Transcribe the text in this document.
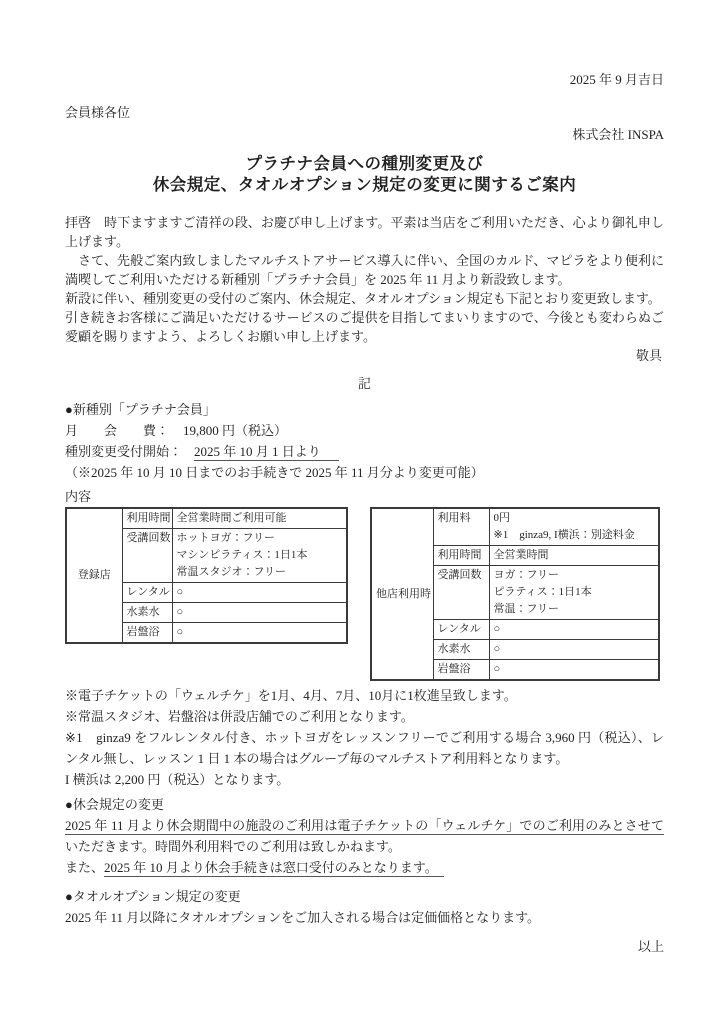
2025 年 9 月吉日
会員様各位
株式会社 INSPA
プラチナ会員への種別変更及び
休会規定、タオルオプション規定の変更に関するご案内

拝啓　時下ますますご清祥の段、お慶び申し上げます。平素は当店をご利用いただき、心より御礼申し上げます。

　さて、先般ご案内致しましたマルチストアサービス導入に伴い、全国のカルド、マピラをより便利に満喫してご利用いただける新種別「プラチナ会員」を 2025 年 11 月より新設致します。

新設に伴い、種別変更の受付のご案内、休会規定、タオルオプション規定も下記とおり変更致します。

引き続きお客様にご満足いただけるサービスのご提供を目指してまいりますので、今後とも変わらぬご愛顧を賜りますよう、よろしくお願い申し上げます。

敬具
記
●新種別「プラチナ会員」
月　　会　　費： 19,800 円（税込）
種別変更受付開始： 2025 年 10 月 1 日より
（※2025 年 10 月 10 日までのお手続きで 2025 年 11 月分より変更可能）
内容
登録店	利用時間	全営業時間ご利用可能
	受講回数	ホットヨガ：フリー
マシンピラティス：1日1本
常温スタジオ：フリー

	レンタル	○
	水素水	○
	岩盤浴	○
他店利用時	利用料	0円
※1　ginza9, I横浜：別途料金

	利用時間	全営業時間
	受講回数	ヨガ：フリー
ピラティス：1日1本
常温：フリー

	レンタル	○
	水素水	○
	岩盤浴	○

※電子チケットの「ウェルチケ」を1月、4月、7月、10月に1枚進呈致します。

※常温スタジオ、岩盤浴は併設店舗でのご利用となります。

※1　ginza9 をフルレンタル付き、ホットヨガをレッスンフリーでご利用する場合 3,960 円（税込）、レンタル無し、レッスン 1 日 1 本の場合はグループ毎のマルチストア利用料となります。

I 横浜は 2,200 円（税込）となります。

●休会規定の変更

2025 年 11 月より休会期間中の施設のご利用は電子チケットの「ウェルチケ」でのご利用のみとさせていただきます。時間外利用料でのご利用は致しかねます。

また、2025 年 10 月より休会手続きは窓口受付のみとなります。

●タオルオプション規定の変更

2025 年 11 月以降にタオルオプションをご加入される場合は定価価格となります。

以上
